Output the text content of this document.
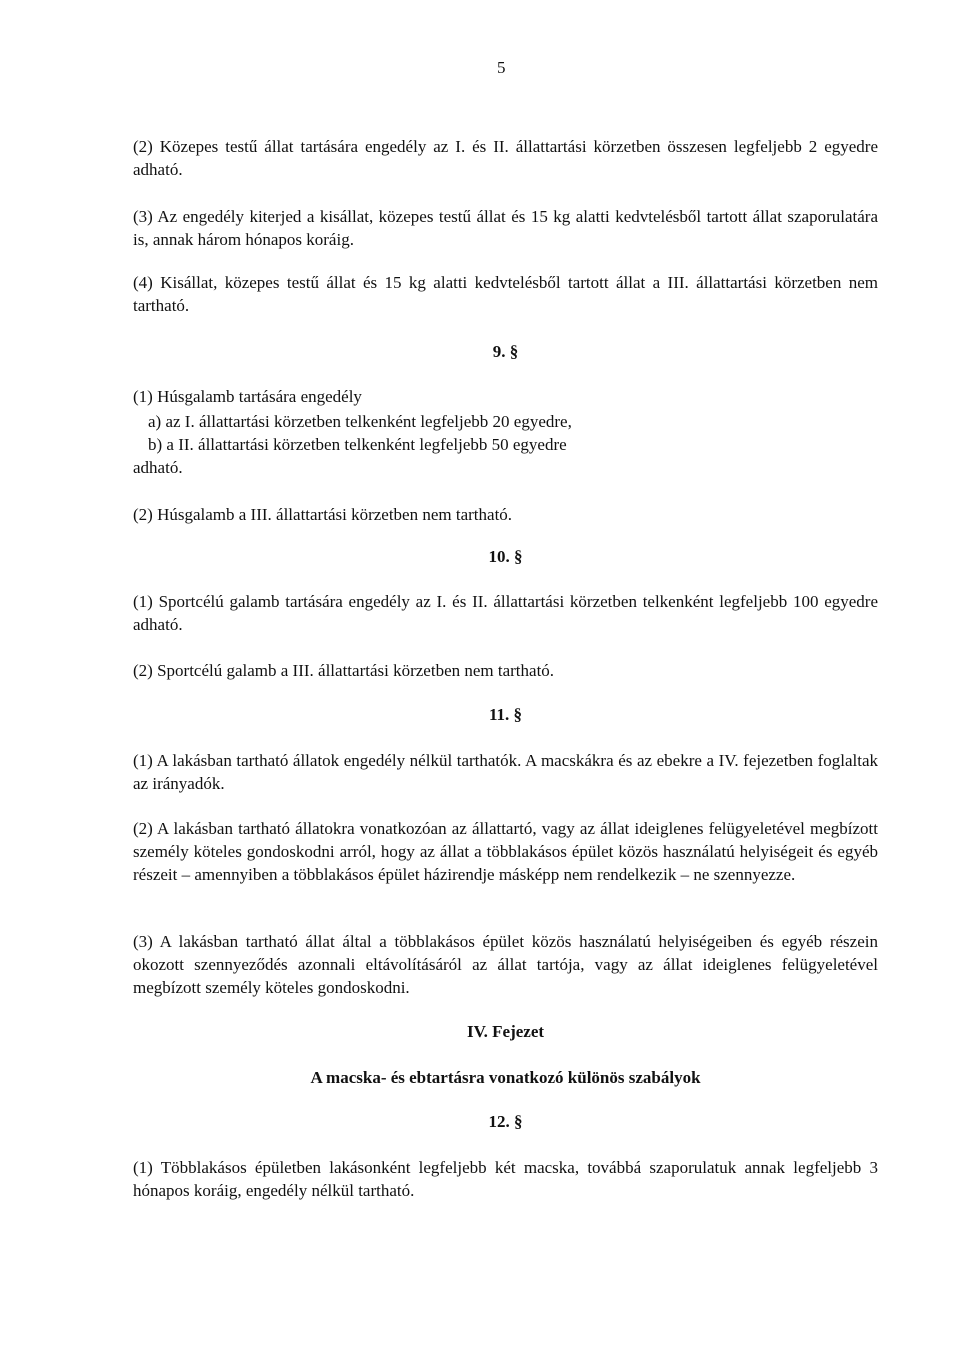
5
(2) Közepes testű állat tartására engedély az I. és II. állattartási körzetben összesen legfeljebb 2 egyedre adható.
(3) Az engedély kiterjed a kisállat, közepes testű állat és 15 kg alatti kedvtelésből tartott állat szaporulatára is, annak három hónapos koráig.
(4) Kisállat, közepes testű állat és 15 kg alatti kedvtelésből tartott állat a III. állattartási körzetben nem tartható.
9. §
(1) Húsgalamb tartására engedély
a) az I. állattartási körzetben telkenként legfeljebb 20 egyedre,
b) a II. állattartási körzetben telkenként legfeljebb 50 egyedre
adható.
(2) Húsgalamb a III. állattartási körzetben nem tartható.
10. §
(1) Sportcélú galamb tartására engedély az I. és II. állattartási körzetben telkenként legfeljebb 100 egyedre adható.
(2) Sportcélú galamb a III. állattartási körzetben nem tartható.
11. §
(1) A lakásban tartható állatok engedély nélkül tarthatók. A macskákra és az ebekre a IV. fejezetben foglaltak az irányadók.
(2) A lakásban tartható állatokra vonatkozóan az állattartó, vagy az állat ideiglenes felügyeletével megbízott személy köteles gondoskodni arról, hogy az állat a többlakásos épület közös használatú helyiségeit és egyéb részeit – amennyiben a többlakásos épület házirendje másképp nem rendelkezik – ne szennyezze.
(3) A lakásban tartható állat által a többlakásos épület közös használatú helyiségeiben és egyéb részein okozott szennyeződés azonnali eltávolításáról az állat tartója, vagy az állat ideiglenes felügyeletével megbízott személy köteles gondoskodni.
IV. Fejezet
A macska- és ebtartásra vonatkozó különös szabályok
12. §
(1) Többlakásos épületben lakásonként legfeljebb két macska, továbbá szaporulatuk annak legfeljebb 3 hónapos koráig, engedély nélkül tartható.
